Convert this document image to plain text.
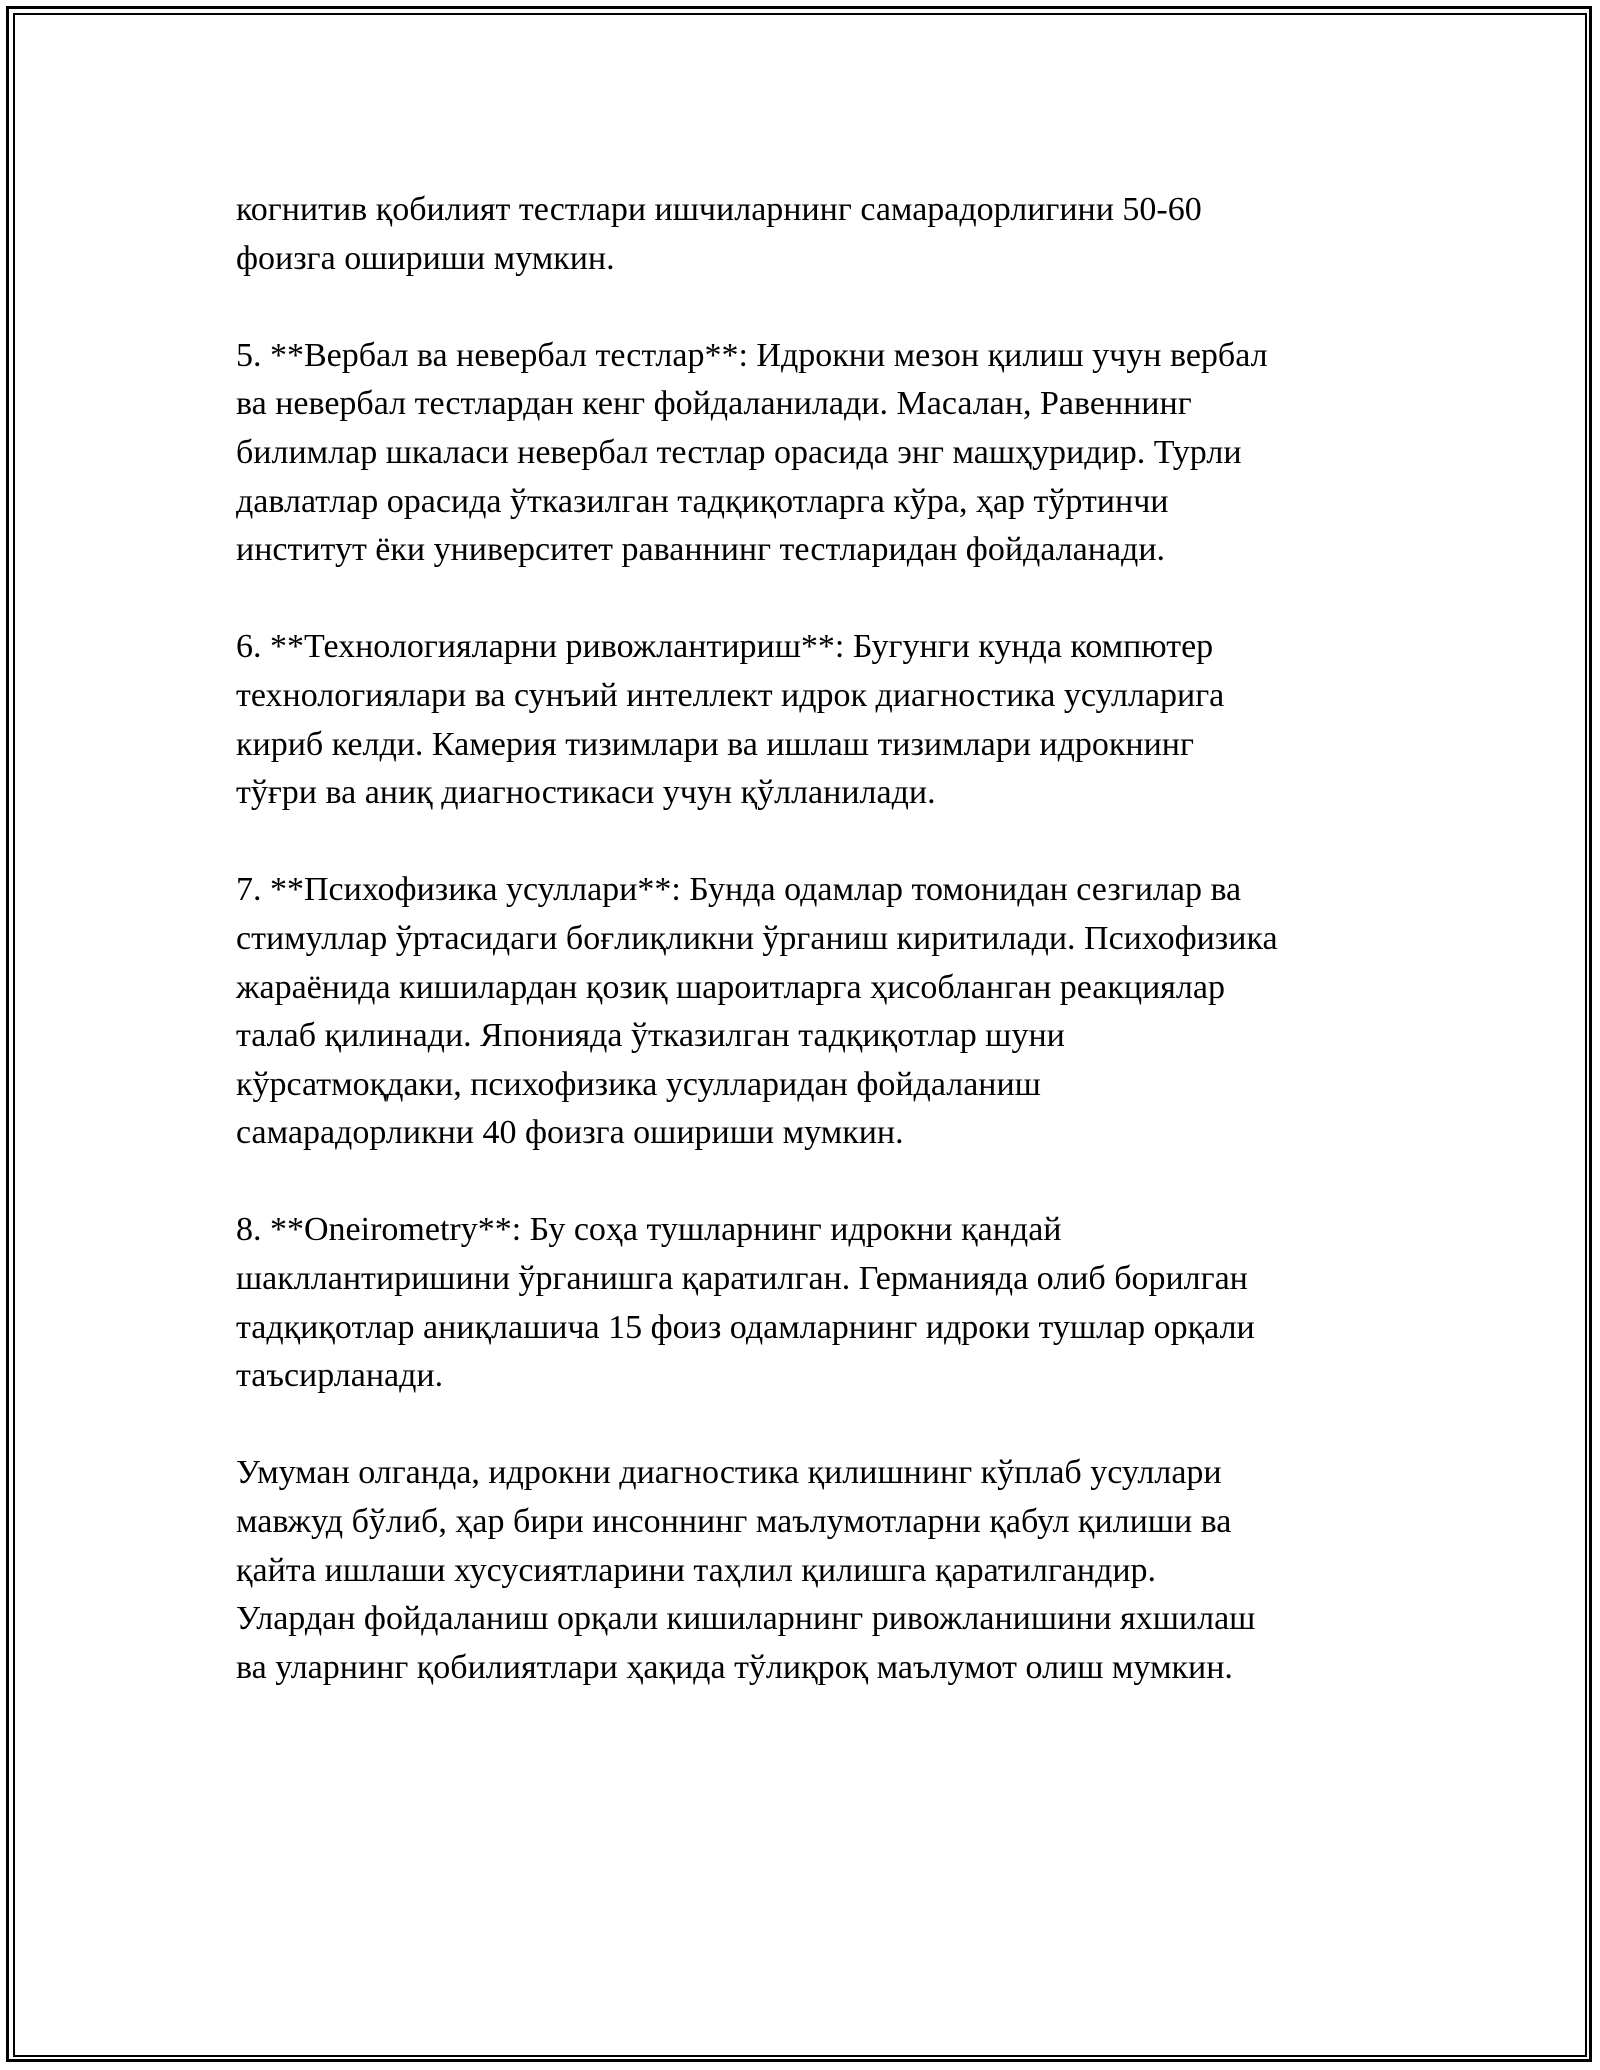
когнитив қобилият тестлари ишчиларнинг самарадорлигини 50-60
фоизга ошириши мумкин.

5. **Вербал ва невербал тестлар**: Идрокни мезон қилиш учун вербал
ва невербал тестлардан кенг фойдаланилади. Масалан, Равеннинг
билимлар шкаласи невербал тестлар орасида энг машҳуридир. Турли
давлатлар орасида ўтказилган тадқиқотларга кўра, ҳар тўртинчи
институт ёки университет раваннинг тестларидан фойдаланади.

6. **Технологияларни ривожлантириш**: Бугунги кунда компютер
технологиялари ва сунъий интеллект идрок диагностика усулларига
кириб келди. Камерия тизимлари ва ишлаш тизимлари идрокнинг
тўғри ва аниқ диагностикаси учун қўлланилади.

7. **Психофизика усуллари**: Бунда одамлар томонидан сезгилар ва
стимуллар ўртасидаги боғлиқликни ўрганиш киритилади. Психофизика
жараёнида кишилардан қозиқ шароитларга ҳисобланган реакциялар
талаб қилинади. Японияда ўтказилган тадқиқотлар шуни
кўрсатмоқдаки, психофизика усулларидан фойдаланиш
самарадорликни 40 фоизга ошириши мумкин.

8. **Oneirometry**: Бу соҳа тушларнинг идрокни қандай
шакллантиришини ўрганишга қаратилган. Германияда олиб борилган
тадқиқотлар аниқлашича 15 фоиз одамларнинг идроки тушлар орқали
таъсирланади.

Умуман олганда, идрокни диагностика қилишнинг кўплаб усуллари
мавжуд бўлиб, ҳар бири инсоннинг маълумотларни қабул қилиши ва
қайта ишлаши хусусиятларини таҳлил қилишга қаратилгандир.
Улардан фойдаланиш орқали кишиларнинг ривожланишини яхшилаш
ва уларнинг қобилиятлари ҳақида тўлиқроқ маълумот олиш мумкин.
